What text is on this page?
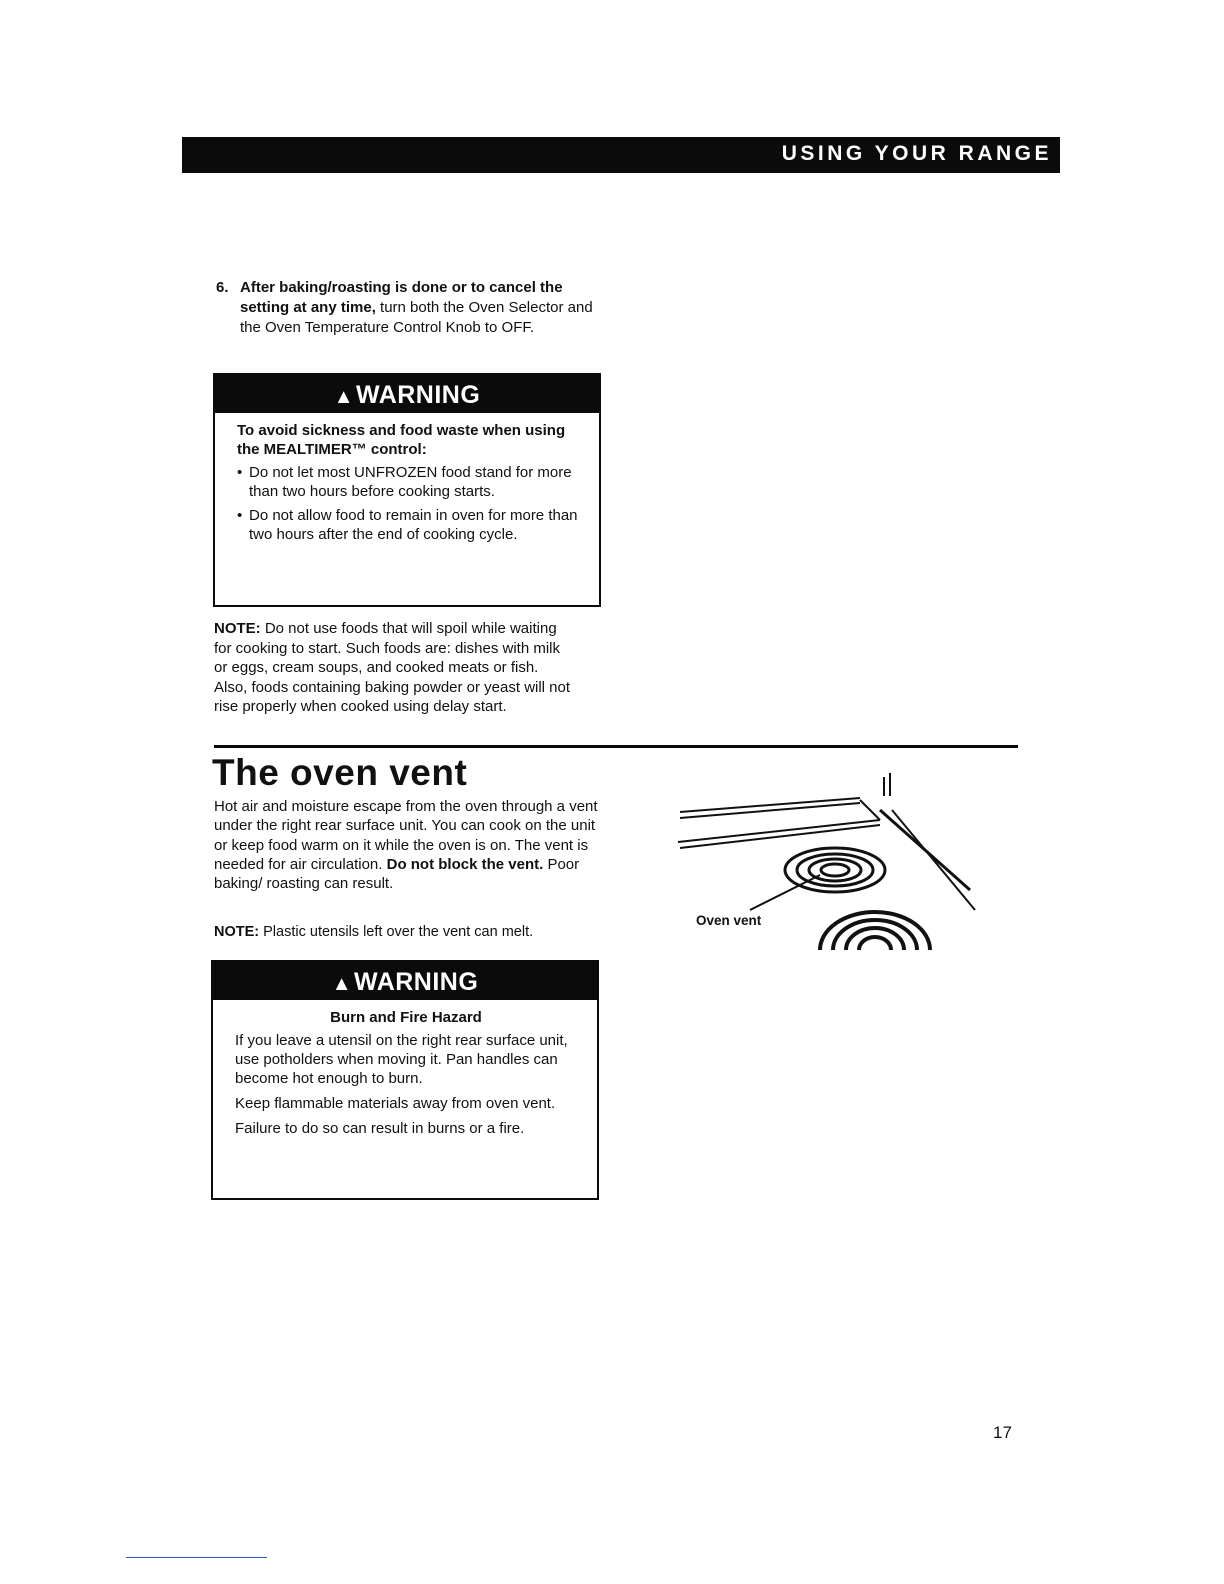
USING YOUR RANGE
6. After baking/roasting is done or to cancel the setting at any time, turn both the Oven Selector and the Oven Temperature Control Knob to OFF.
▲WARNING
To avoid sickness and food waste when using the MEALTIMER™ control:
• Do not let most UNFROZEN food stand for more than two hours before cooking starts.
• Do not allow food to remain in oven for more than two hours after the end of cooking cycle.
NOTE: Do not use foods that will spoil while waiting for cooking to start. Such foods are: dishes with milk or eggs, cream soups, and cooked meats or fish. Also, foods containing baking powder or yeast will not rise properly when cooked using delay start.
The oven vent
Hot air and moisture escape from the oven through a vent under the right rear surface unit. You can cook on the unit or keep food warm on it while the oven is on. The vent is needed for air circulation. Do not block the vent. Poor baking/ roasting can result.
NOTE: Plastic utensils left over the vent can melt.
Oven vent
▲WARNING
Burn and Fire Hazard
If you leave a utensil on the right rear surface unit, use potholders when moving it. Pan handles can become hot enough to burn.
Keep flammable materials away from oven vent.
Failure to do so can result in burns or a fire.
17
